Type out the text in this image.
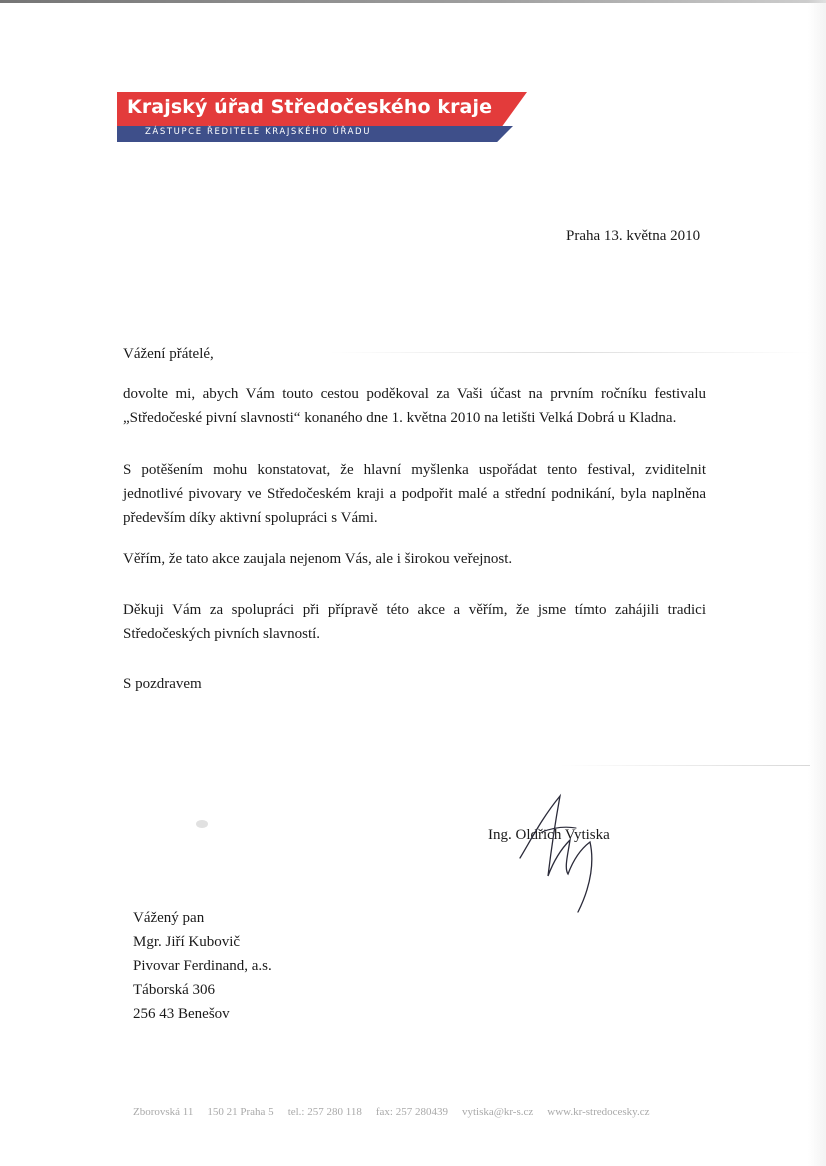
Krajský úřad Středočeského kraje
ZÁSTUPCE ŘEDITELE KRAJSKÉHO ÚŘADU
Praha 13. května 2010
Vážení přátelé,
dovolte mi, abych Vám touto cestou poděkoval za Vaši účast na prvním ročníku festivalu
„Středočeské pivní slavnosti“ konaného dne 1. května 2010 na letišti Velká Dobrá u Kladna.
S potěšením mohu konstatovat, že hlavní myšlenka uspořádat tento festival, zviditelnit
jednotlivé pivovary ve Středočeském kraji a podpořit malé a střední podnikání, byla naplněna
především díky aktivní spolupráci s Vámi.
Věřím, že tato akce zaujala nejenom Vás, ale i širokou veřejnost.
Děkuji Vám za spolupráci při přípravě této akce a věřím, že jsme tímto zahájili tradici
Středočeských pivních slavností.
S pozdravem
Ing. Oldřich Vytiska
Vážený pan
Mgr. Jiří Kubovič
Pivovar Ferdinand, a.s.
Táborská 306
256 43 Benešov
Zborovská 11 150 21 Praha 5 tel.: 257 280 118 fax: 257 280439 vytiska@kr-s.cz www.kr-stredocesky.cz
